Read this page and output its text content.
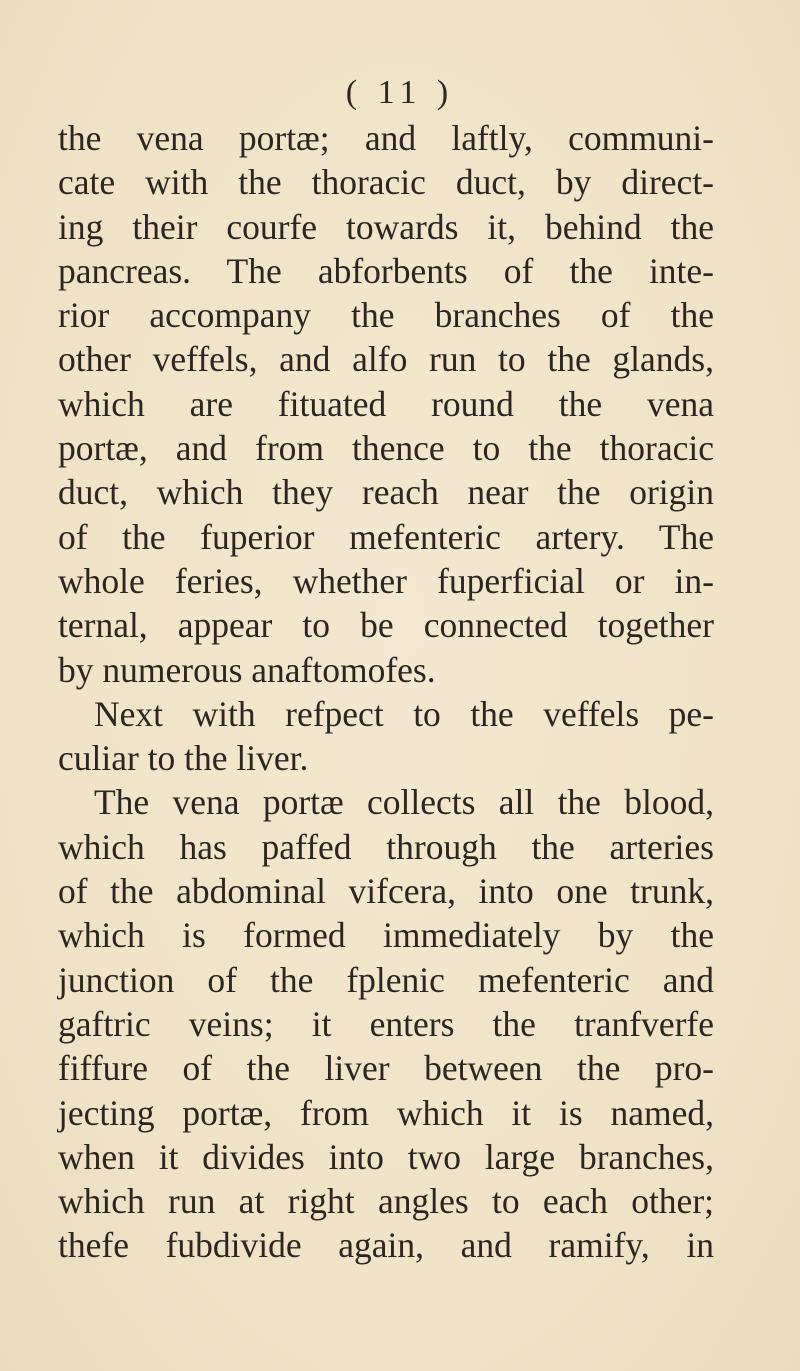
( 11 )
the vena portæ; and laftly, communi-
cate with the thoracic duct, by direct-
ing their courfe towards it, behind the
pancreas. The abforbents of the inte-
rior accompany the branches of the
other veffels, and alfo run to the glands,
which are fituated round the vena
portæ, and from thence to the thoracic
duct, which they reach near the origin
of the fuperior mefenteric artery. The
whole feries, whether fuperficial or in-
ternal, appear to be connected together
by numerous anaftomofes.
Next with refpect to the veffels pe-
culiar to the liver.
The vena portæ collects all the blood,
which has paffed through the arteries
of the abdominal vifcera, into one trunk,
which is formed immediately by the
junction of the fplenic mefenteric and
gaftric veins; it enters the tranfverfe
fiffure of the liver between the pro-
jecting portæ, from which it is named,
when it divides into two large branches,
which run at right angles to each other;
thefe fubdivide again, and ramify, in
